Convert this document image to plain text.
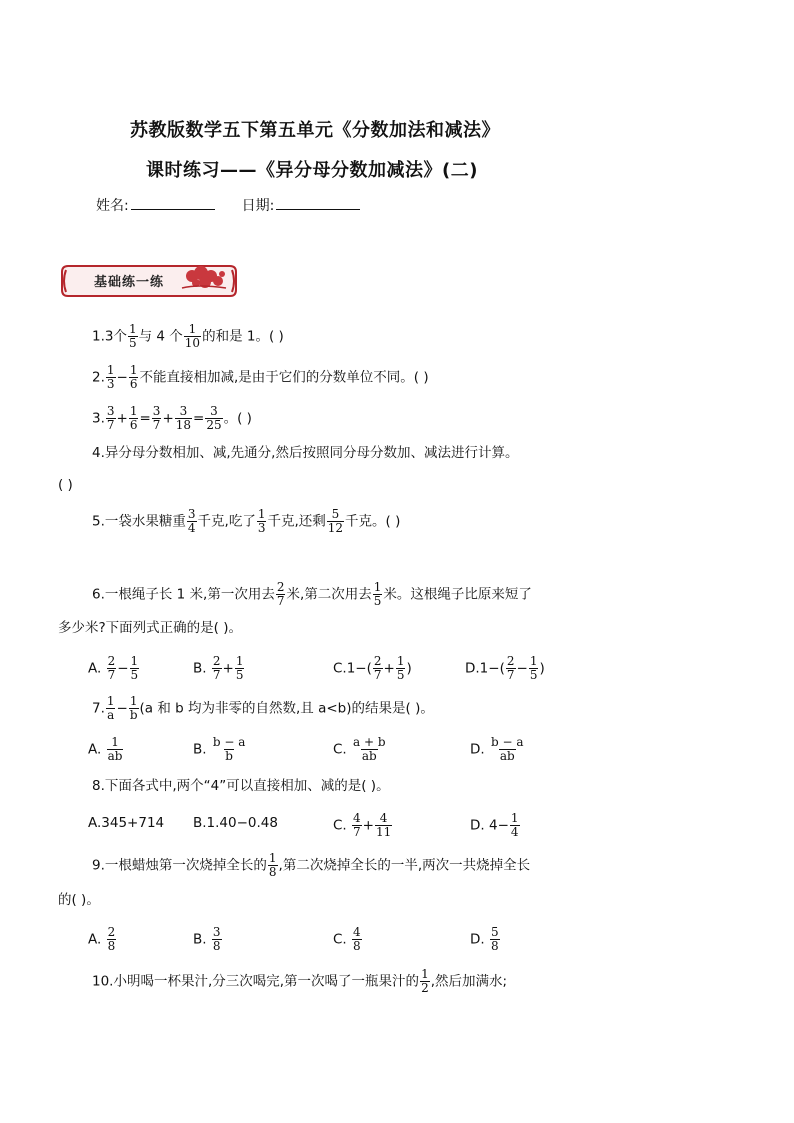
苏教版数学五下第五单元《分数加法和减法》
课时练习——《异分母分数加减法》(二)
姓名:	日期:
基础练一练
1.3个 $\frac{1}{5}$ 与 4 个 $\frac{1}{10}$ 的和是 1。( )
2. $\frac{1}{3} - \frac{1}{6}$ 不能直接相加减,是由于它们的分数单位不同。( )
3. $\frac{3}{7} + \frac{1}{6} = \frac{3}{7} + \frac{3}{18} = \frac{3}{25}$ 。( )
4.异分母分数相加、减,先通分,然后按照同分母分数加、减法进行计算。
( )
5.一袋水果糖重 $\frac{3}{4}$ 千克,吃了 $\frac{1}{3}$ 千克,还剩 $\frac{5}{12}$ 千克。( )
6.一根绳子长 1 米,第一次用去 $\frac{2}{7}$ 米,第二次用去 $\frac{1}{5}$ 米。这根绳子比原来短了
多少米?下面列式正确的是( )。
A. $\frac{2}{7} - \frac{1}{5}$	B. $\frac{2}{7} + \frac{1}{5}$	$C.1-( \frac{2}{7} + \frac{1}{5}$ )	$D.1-( \frac{2}{7} - \frac{1}{5}$ )
7. $\frac{1}{a} - \frac{1}{b} (a$ 和 b 均为非零的自然数,且 a<b)的结果是( )。
A. $\frac{1}{ab}$	B. $\frac{b - a}{b}$	C. $\frac{a + b}{ab}$	D. $\frac{b - a}{ab}$
8.下面各式中,两个“4”可以直接相加、减的是( )。
A.345+714 B.1.40−0.48	C. $\frac{4}{7} + \frac{4}{11}$	D. $4- \frac{1}{4}$
9.一根蜡烛第一次烧掉全长的 $\frac{1}{8}$ ,第二次烧掉全长的一半,两次一共烧掉全长
的( )。
A. $\frac{2}{8}$	B. $\frac{3}{8}$	C. $\frac{4}{8}$	D. $\frac{5}{8}$
10.小明喝一杯果汁,分三次喝完,第一次喝了一瓶果汁的 $\frac{1}{2}$ ,然后加满水;
